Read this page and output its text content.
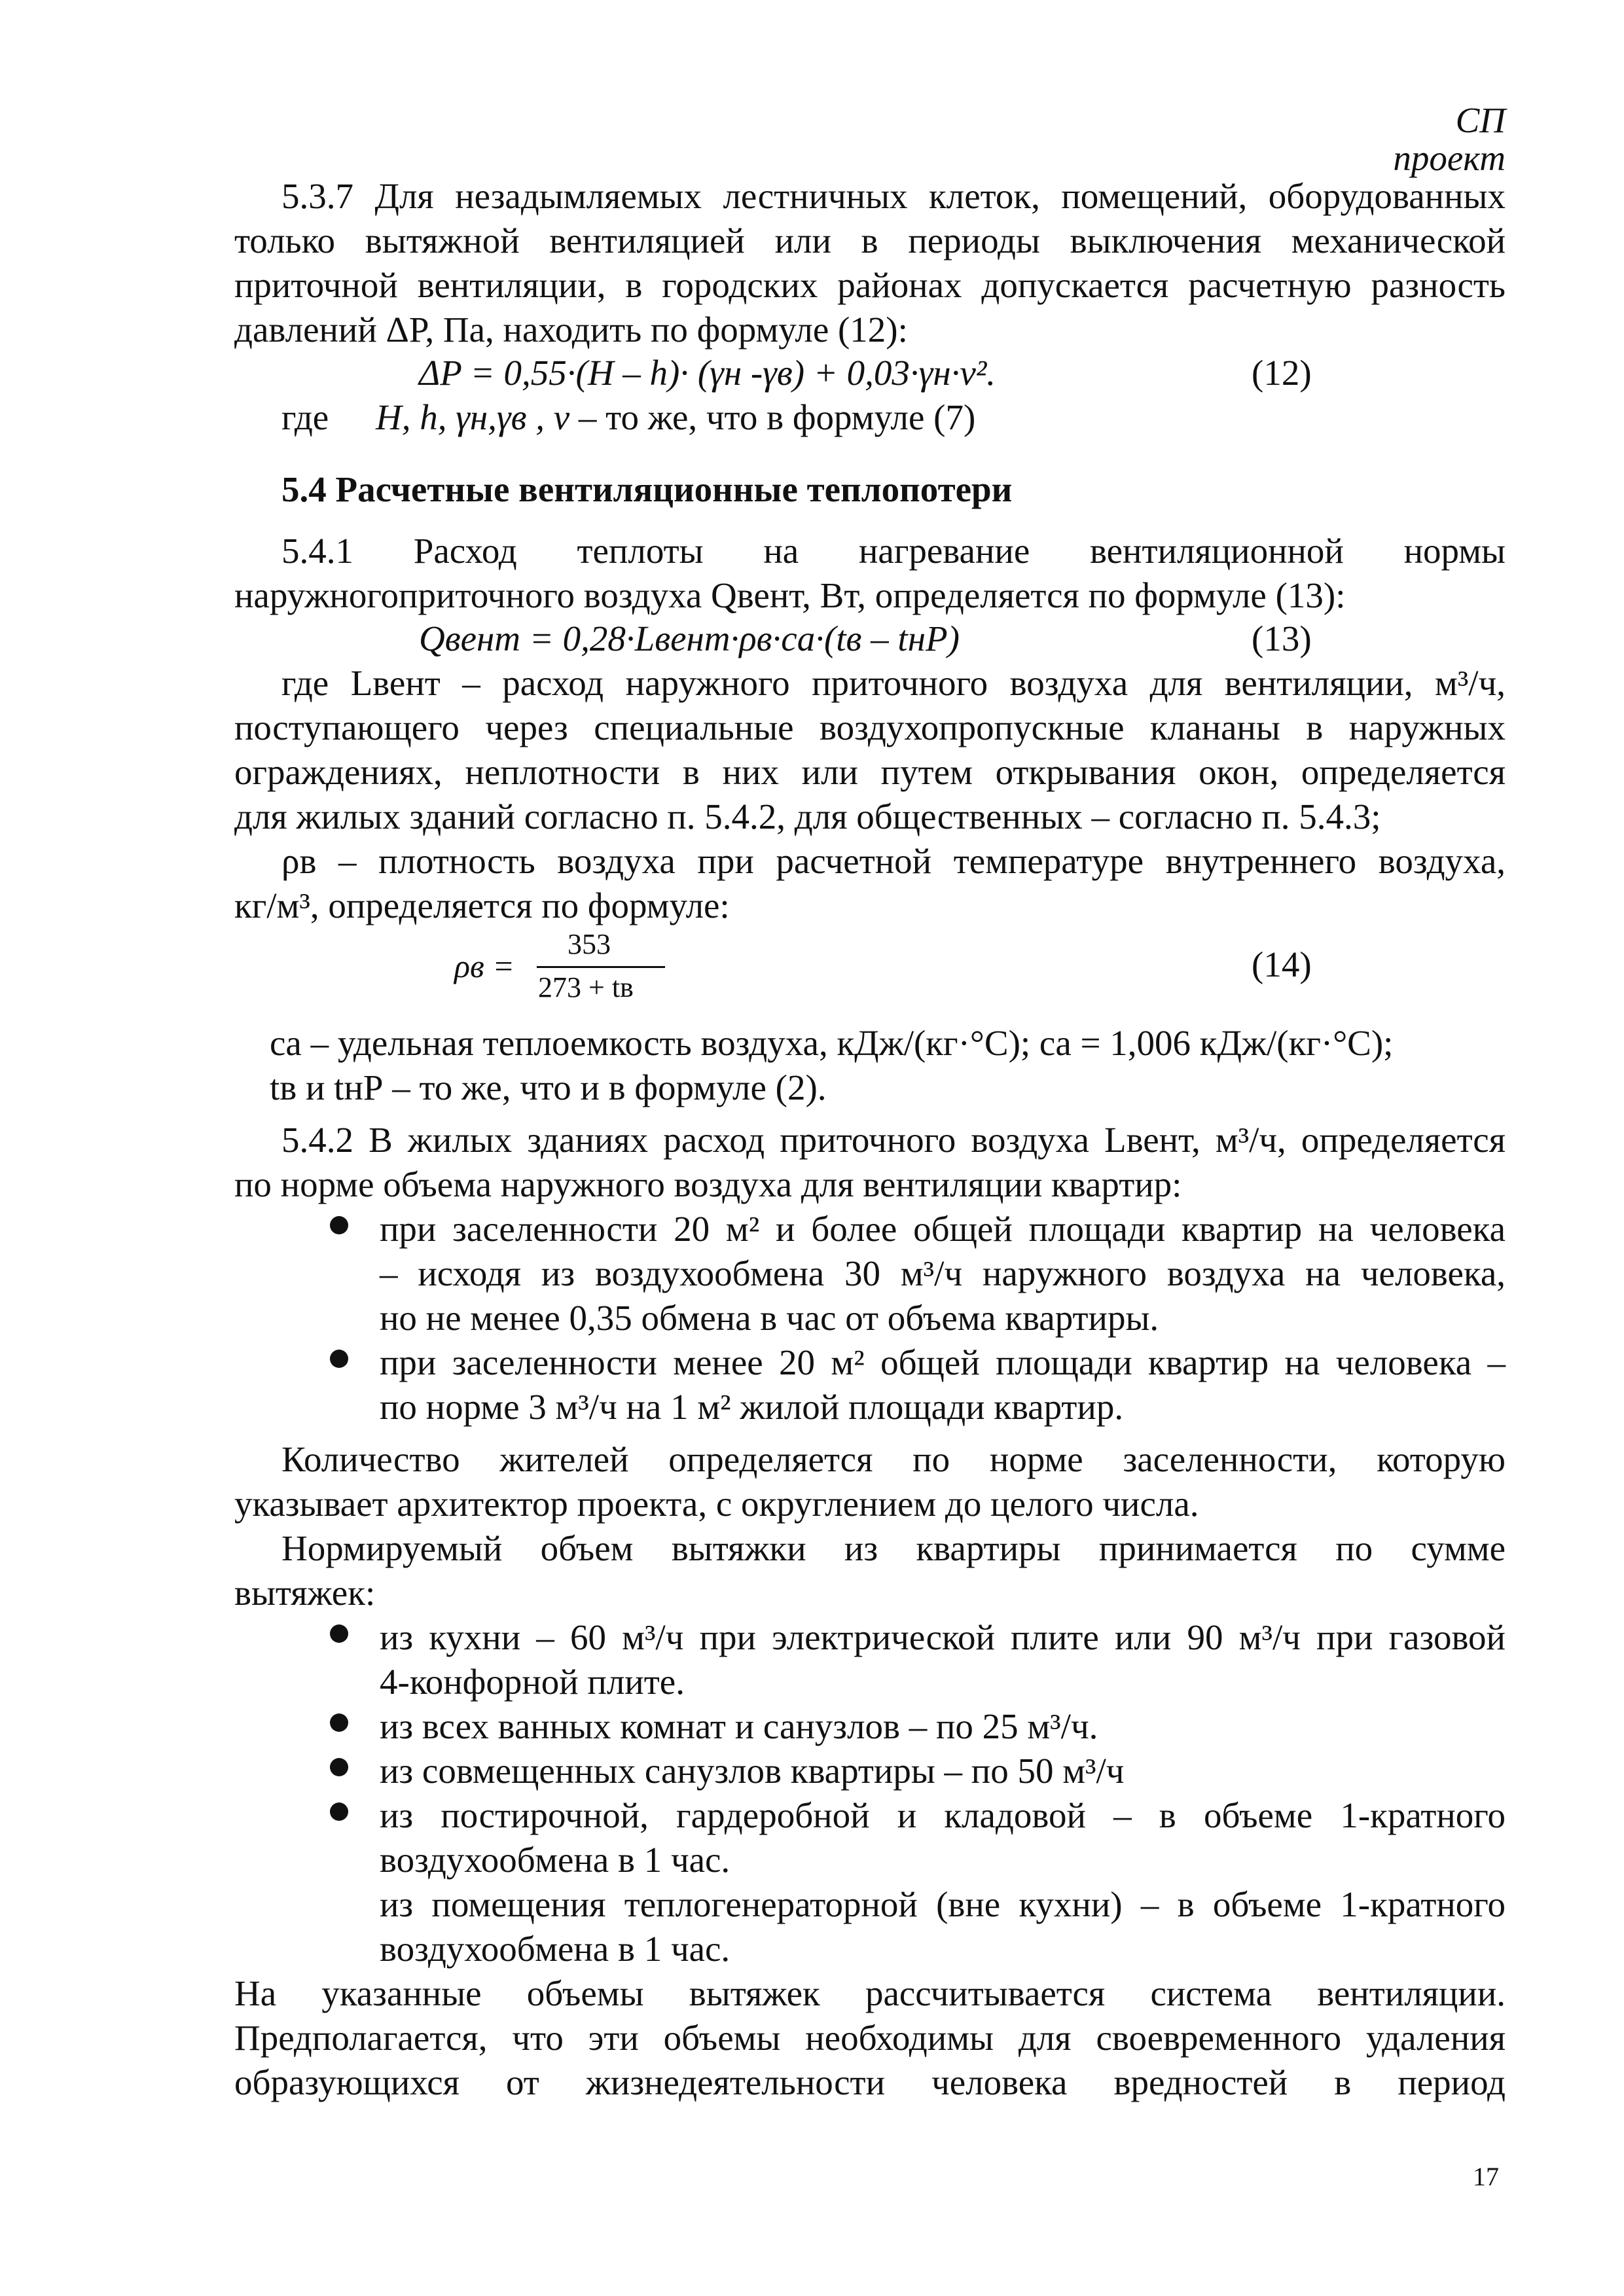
СП
проект
5.3.7 Для незадымляемых лестничных клеток, помещений, оборудованных
только вытяжной вентиляцией или в периоды выключения механической
приточной вентиляции, в городских районах допускается расчетную разность
давлений ΔP, Па, находить по формуле (12):
ΔP = 0,55·(H – h)· (γн -γв) + 0,03·γн·v².	(12)
где H, h, γн,γв , v – то же, что в формуле (7)
5.4 Расчетные вентиляционные теплопотери
5.4.1 Расход теплоты на нагревание вентиляционной нормы
наружногоприточного воздуха Qвент, Вт, определяется по формуле (13):
Qвент = 0,28·Lвент·ρв·cа·(tв – tнР)	(13)
где Lвент – расход наружного приточного воздуха для вентиляции, м³/ч,
поступающего через специальные воздухопропускные клананы в наружных
ограждениях, неплотности в них или путем открывания окон, определяется
для жилых зданий согласно п. 5.4.2, для общественных – согласно п. 5.4.3;
ρв – плотность воздуха при расчетной температуре внутреннего воздуха,
кг/м³, определяется по формуле:
ρв =
353
273 + tв
(14)
cа – удельная теплоемкость воздуха, кДж/(кг·°С); cа = 1,006 кДж/(кг·°С);
tв и tнР – то же, что и в формуле (2).
5.4.2 В жилых зданиях расход приточного воздуха Lвент, м³/ч, определяется
по норме объема наружного воздуха для вентиляции квартир:
при заселенности 20 м² и более общей площади квартир на человека
– исходя из воздухообмена 30 м³/ч наружного воздуха на человека,
но не менее 0,35 обмена в час от объема квартиры.
при заселенности менее 20 м² общей площади квартир на человека –
по норме 3 м³/ч на 1 м² жилой площади квартир.
Количество жителей определяется по норме заселенности, которую
указывает архитектор проекта, с округлением до целого числа.
Нормируемый объем вытяжки из квартиры принимается по сумме
вытяжек:
из кухни – 60 м³/ч при электрической плите или 90 м³/ч при газовой
4-конфорной плите.
из всех ванных комнат и санузлов – по 25 м³/ч.
из совмещенных санузлов квартиры – по 50 м³/ч
из постирочной, гардеробной и кладовой – в объеме 1-кратного
воздухообмена в 1 час.
из помещения теплогенераторной (вне кухни) – в объеме 1-кратного
воздухообмена в 1 час.
На указанные объемы вытяжек рассчитывается система вентиляции.
Предполагается, что эти объемы необходимы для своевременного удаления
образующихся от жизнедеятельности человека вредностей в период
17
